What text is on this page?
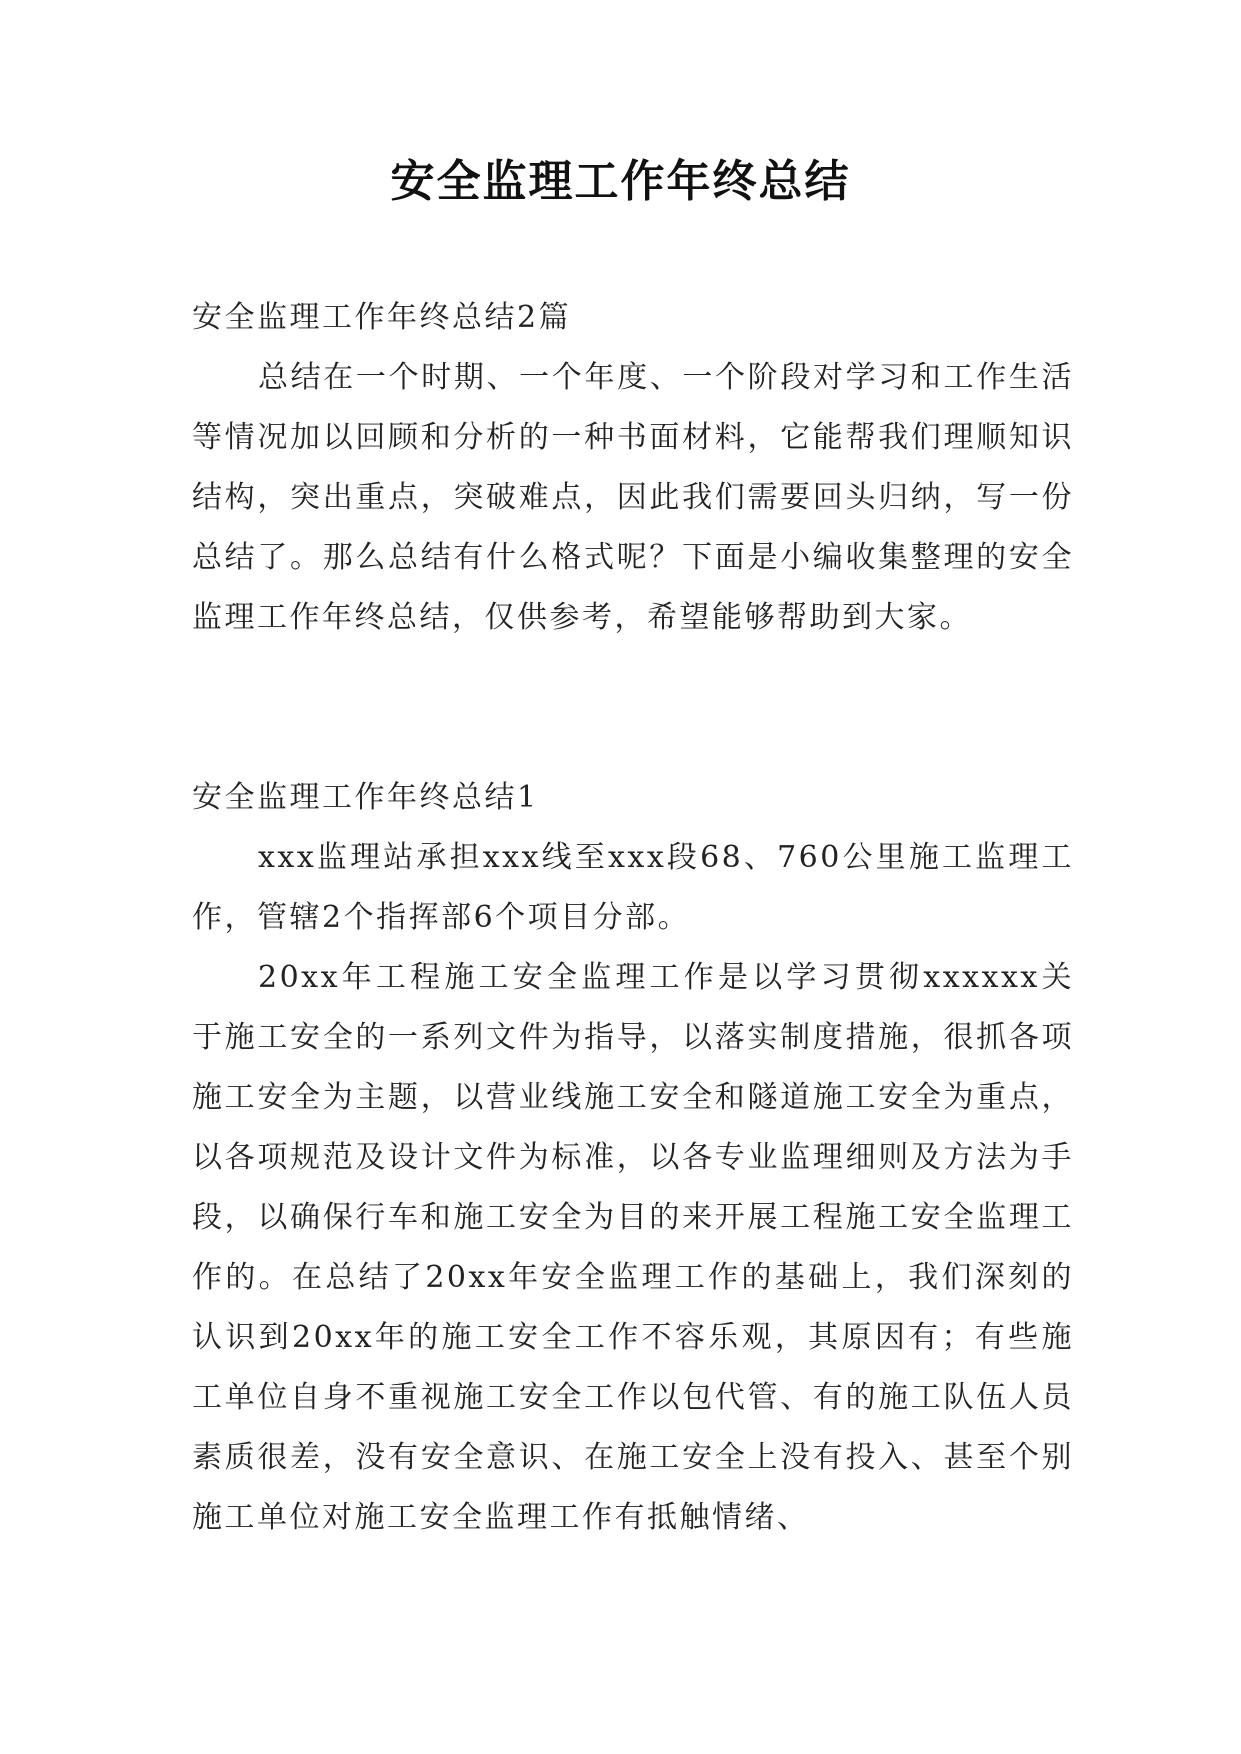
安全监理工作年终总结

安全监理工作年终总结2篇

总结在一个时期、一个年度、一个阶段对学习和工作生活等情况加以回顾和分析的一种书面材料，它能帮我们理顺知识结构，突出重点，突破难点，因此我们需要回头归纳，写一份总结了。那么总结有什么格式呢？下面是小编收集整理的安全监理工作年终总结，仅供参考，希望能够帮助到大家。

安全监理工作年终总结1

xxx监理站承担xxx线至xxx段68、760公里施工监理工作，管辖2个指挥部6个项目分部。

20xx年工程施工安全监理工作是以学习贯彻xxxxxx关于施工安全的一系列文件为指导，以落实制度措施，很抓各项施工安全为主题，以营业线施工安全和隧道施工安全为重点，以各项规范及设计文件为标准，以各专业监理细则及方法为手段，以确保行车和施工安全为目的来开展工程施工安全监理工作的。在总结了20xx年安全监理工作的基础上，我们深刻的认识到20xx年的施工安全工作不容乐观，其原因有；有些施工单位自身不重视施工安全工作以包代管、有的施工队伍人员素质很差，没有安全意识、在施工安全上没有投入、甚至个别施工单位对施工安全监理工作有抵触情绪、
